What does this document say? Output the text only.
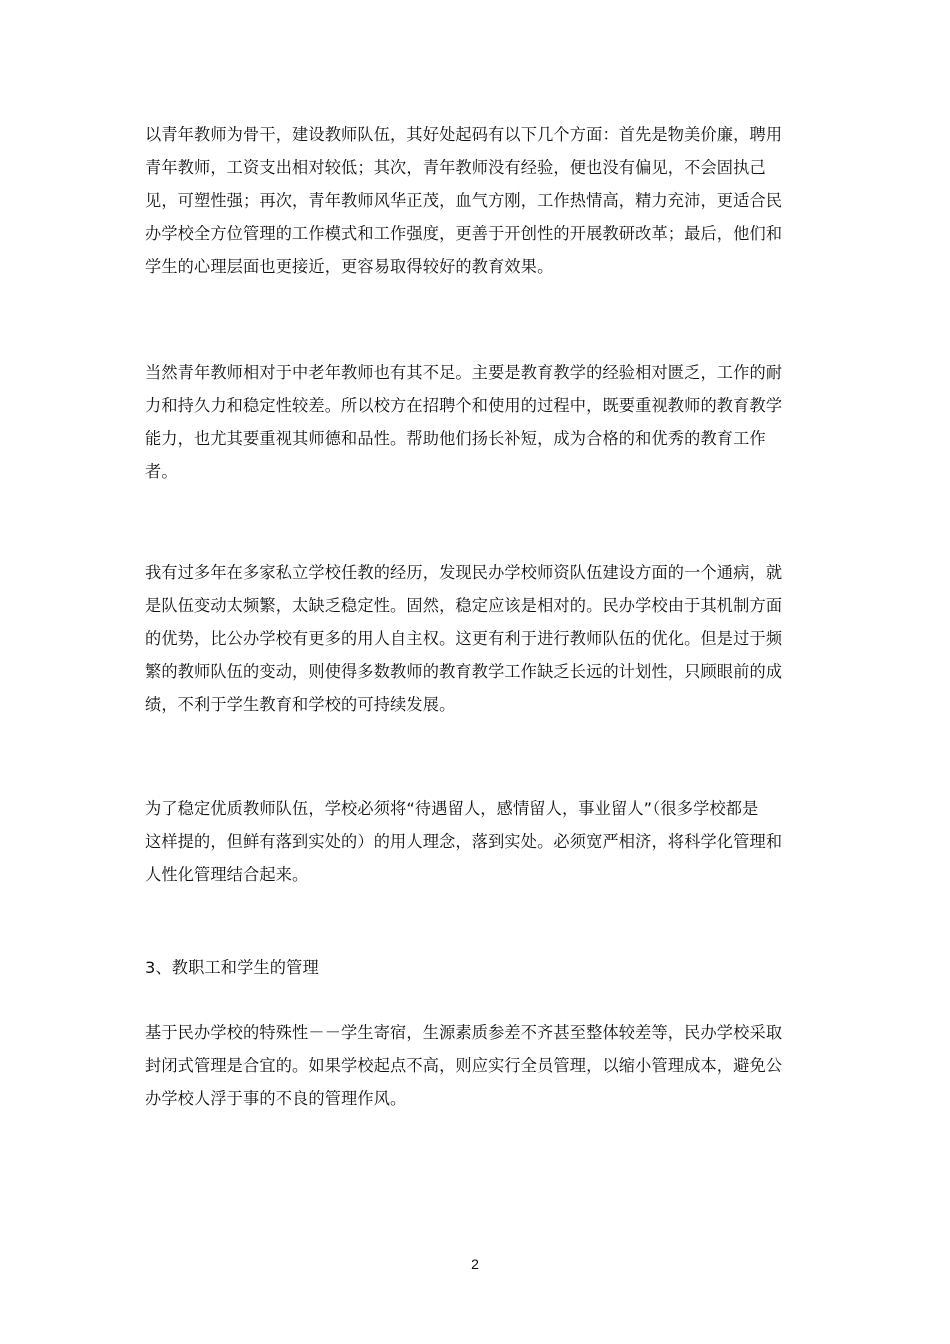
以青年教师为骨干，建设教师队伍，其好处起码有以下几个方面：首先是物美价廉，聘用
青年教师，工资支出相对较低；其次，青年教师没有经验，便也没有偏见，不会固执己
见，可塑性强；再次，青年教师风华正茂，血气方刚，工作热情高，精力充沛，更适合民
办学校全方位管理的工作模式和工作强度，更善于开创性的开展教研改革；最后，他们和
学生的心理层面也更接近，更容易取得较好的教育效果。
当然青年教师相对于中老年教师也有其不足。主要是教育教学的经验相对匮乏，工作的耐
力和持久力和稳定性较差。所以校方在招聘个和使用的过程中，既要重视教师的教育教学
能力，也尤其要重视其师德和品性。帮助他们扬长补短，成为合格的和优秀的教育工作
者。
我有过多年在多家私立学校任教的经历，发现民办学校师资队伍建设方面的一个通病，就
是队伍变动太频繁，太缺乏稳定性。固然，稳定应该是相对的。民办学校由于其机制方面
的优势，比公办学校有更多的用人自主权。这更有利于进行教师队伍的优化。但是过于频
繁的教师队伍的变动，则使得多数教师的教育教学工作缺乏长远的计划性，只顾眼前的成
绩，不利于学生教育和学校的可持续发展。
为了稳定优质教师队伍，学校必须将“待遇留人，感情留人，事业留人”（很多学校都是
这样提的，但鲜有落到实处的）的用人理念，落到实处。必须宽严相济，将科学化管理和
人性化管理结合起来。
3、教职工和学生的管理
基于民办学校的特殊性－－学生寄宿，生源素质参差不齐甚至整体较差等，民办学校采取
封闭式管理是合宜的。如果学校起点不高，则应实行全员管理，以缩小管理成本，避免公
办学校人浮于事的不良的管理作风。
2
